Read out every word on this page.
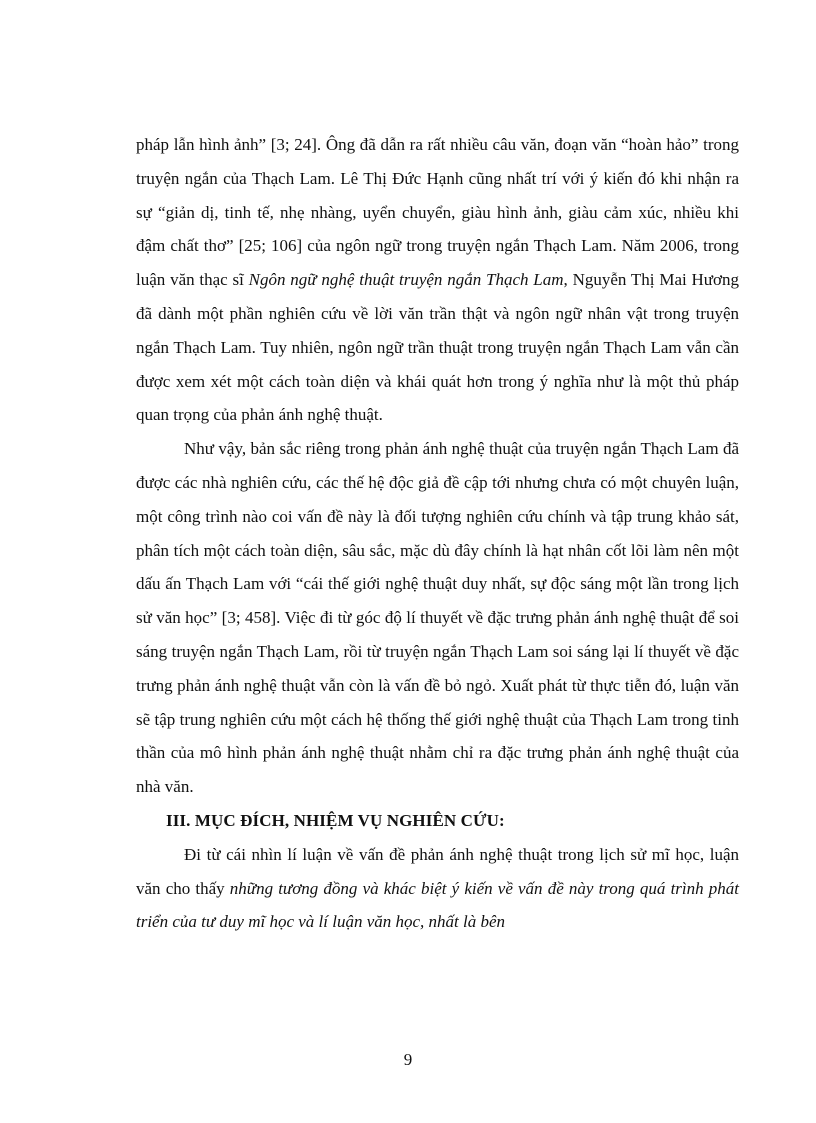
pháp lẫn hình ảnh” [3; 24]. Ông đã dẫn ra rất nhiều câu văn, đoạn văn “hoàn hảo” trong truyện ngắn của Thạch Lam. Lê Thị Đức Hạnh cũng nhất trí với ý kiến đó khi nhận ra sự “giản dị, tinh tế, nhẹ nhàng, uyển chuyển, giàu hình ảnh, giàu cảm xúc, nhiều khi đậm chất thơ” [25; 106] của ngôn ngữ trong truyện ngắn Thạch Lam. Năm 2006, trong luận văn thạc sĩ Ngôn ngữ nghệ thuật truyện ngắn Thạch Lam, Nguyễn Thị Mai Hương đã dành một phần nghiên cứu về lời văn trần thật và ngôn ngữ nhân vật trong truyện ngắn Thạch Lam. Tuy nhiên, ngôn ngữ trần thuật trong truyện ngắn Thạch Lam vẫn cần được xem xét một cách toàn diện và khái quát hơn trong ý nghĩa như là một thủ pháp quan trọng của phản ánh nghệ thuật.

Như vậy, bản sắc riêng trong phản ánh nghệ thuật của truyện ngắn Thạch Lam đã được các nhà nghiên cứu, các thế hệ độc giả đề cập tới nhưng chưa có một chuyên luận, một công trình nào coi vấn đề này là đối tượng nghiên cứu chính và tập trung khảo sát, phân tích một cách toàn diện, sâu sắc, mặc dù đây chính là hạt nhân cốt lõi làm nên một dấu ấn Thạch Lam với “cái thế giới nghệ thuật duy nhất, sự độc sáng một lần trong lịch sử văn học” [3; 458]. Việc đi từ góc độ lí thuyết về đặc trưng phản ánh nghệ thuật để soi sáng truyện ngắn Thạch Lam, rồi từ truyện ngắn Thạch Lam soi sáng lại lí thuyết về đặc trưng phản ánh nghệ thuật vẫn còn là vấn đề bỏ ngỏ. Xuất phát từ thực tiễn đó, luận văn sẽ tập trung nghiên cứu một cách hệ thống thế giới nghệ thuật của Thạch Lam trong tinh thần của mô hình phản ánh nghệ thuật nhằm chỉ ra đặc trưng phản ánh nghệ thuật của nhà văn.

III. MỤC ĐÍCH, NHIỆM VỤ NGHIÊN CỨU:

Đi từ cái nhìn lí luận về vấn đề phản ánh nghệ thuật trong lịch sử mĩ học, luận văn cho thấy những tương đồng và khác biệt ý kiến về vấn đề này trong quá trình phát triển của tư duy mĩ học và lí luận văn học, nhất là bên

9
